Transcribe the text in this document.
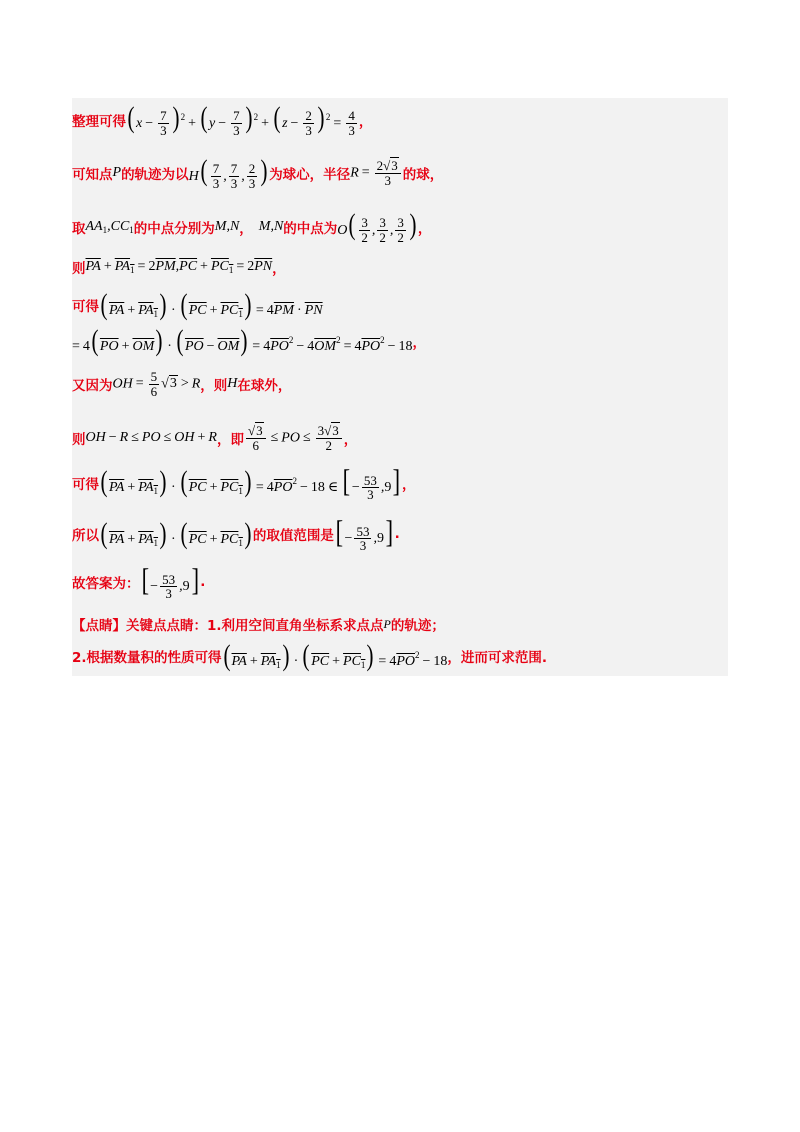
整理可得 ( $x - \frac{7}{3}$ ) $^2$ + ( $y - \frac{7}{3}$ ) $^2$ + ( $z - \frac{2}{3}$ ) $^2 = \frac{4}{3}$ ，
可知点 P 的轨迹为以 $H( \frac{7}{3}$ , $\frac{7}{3}$ , $\frac{2}{3}$ ) 为球心，半径 $R = \frac{2√3}{3}$ 的球，
取 $AA_1,CC_1$ 的中点分别为 M,N ， M,N 的中点为 $O( \frac{3}{2}$ , $\frac{3}{2}$ , $\frac{3}{2}$ ) ，
则 $\overline{PA} + PA_1 = 2\overline{PM},\overline{PC} + PC_1 = 2\overline{PN}$ ，
可得 ( $\overline{PA} + PA_1$) · ( $\overline{PC} + PC_1) = 4\overline{PM} \cdot \overline{PN}$
= 4( $\overline{PO} + \overline{OM}$) · ( $\overline{PO} - \overline{OM}) = 4\overline{PO}^2 - 4\overline{OM}^2 = 4\overline{PO}^2 - 18$ ，
又因为 OH = $\frac{5}{6} √3 > R$ ，则 H 在球外，
则 OH − R ≤ PO ≤ OH + R ，即 $\frac{√3}{6}$ ≤ PO ≤ $\frac{3√3}{2}$ ，
可得 ( $\overline{PA} + PA_1$) · ( $\overline{PC} + PC_1) = 4\overline{PO}^2 - 18$ ∈ [ − $\frac{53}{3} ,9$] ，
所以 ( $\overline{PA} + PA_1$) · ( $\overline{PC} + PC_1$) 的取值范围是 [ − $\frac{53}{3} ,9$] .
故答案为： [ − $\frac{53}{3} ,9$] .
【点睛】关键点点睛：1.利用空间直角坐标系求点点 P 的轨迹；
2.根据数量积的性质可得 ( $\overline{PA} + PA_1$) · ( $\overline{PC} + PC_1) = 4\overline{PO}^2 - 18$ ，进而可求范围.
